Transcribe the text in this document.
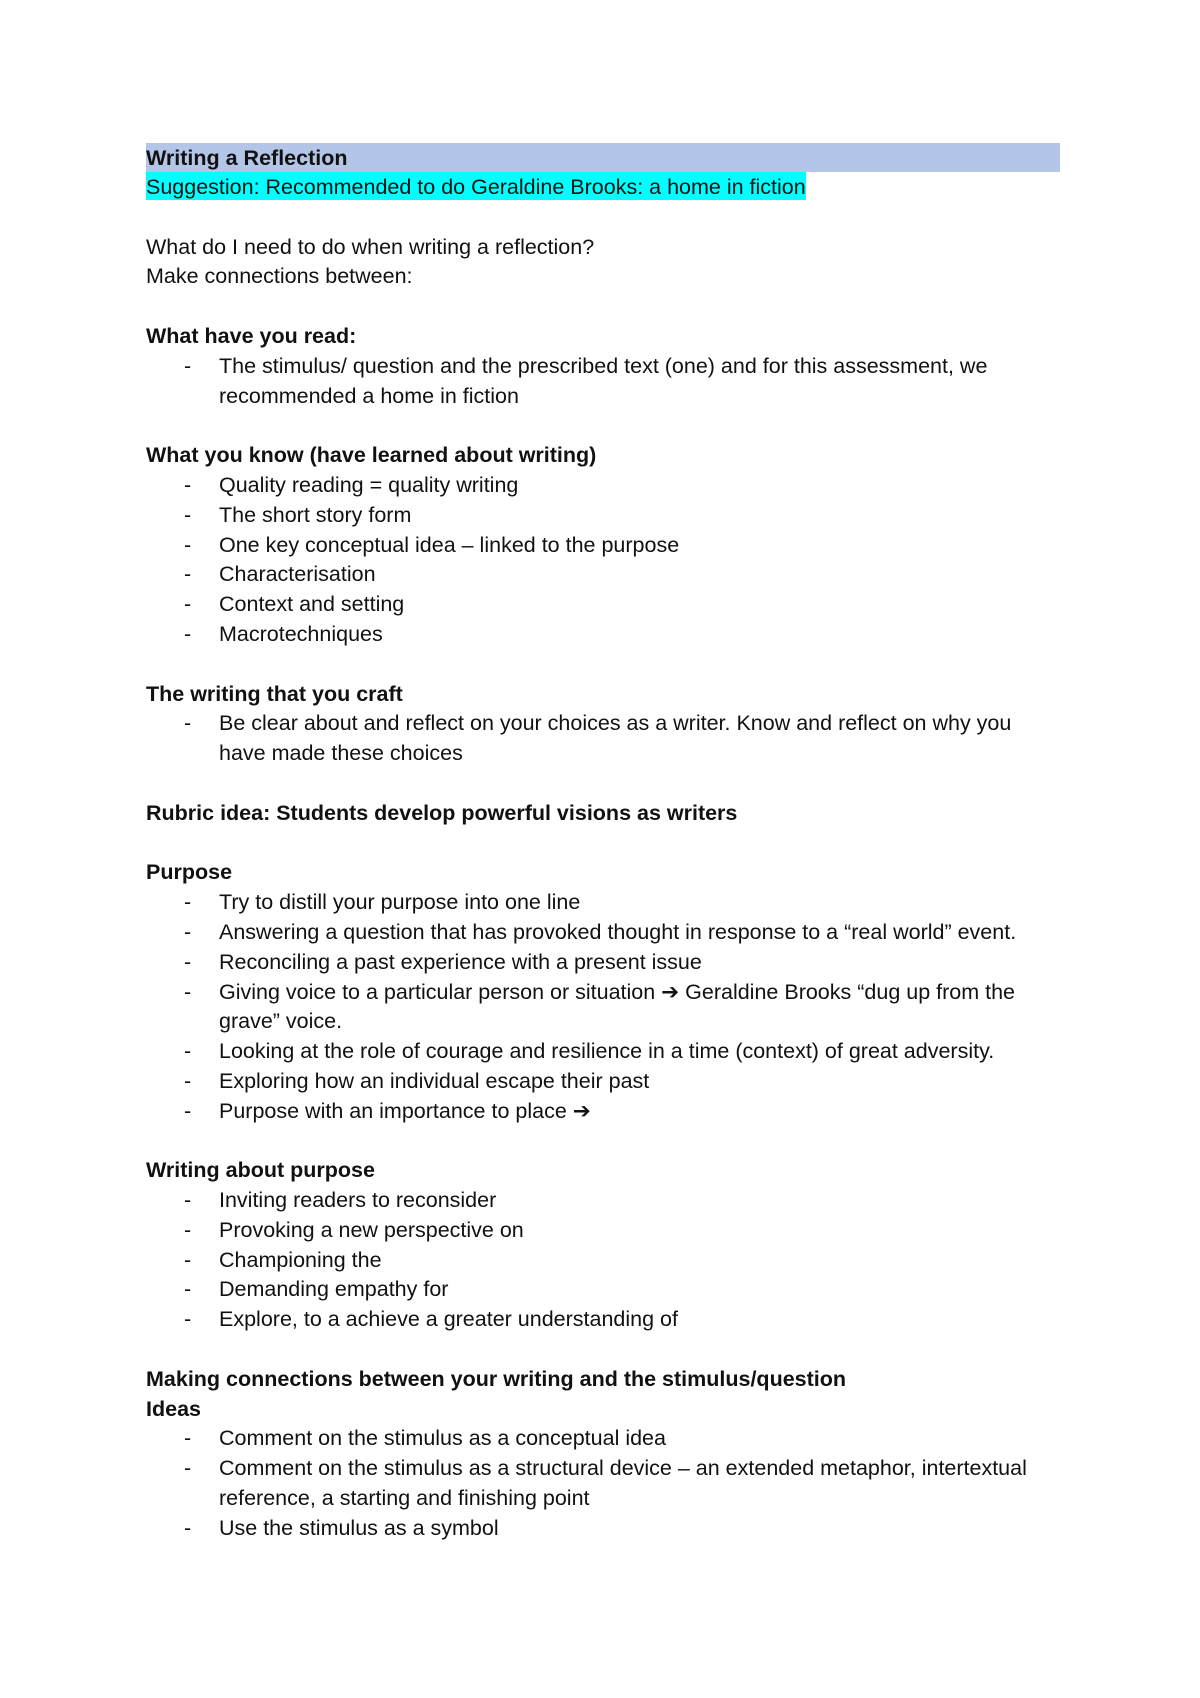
Writing a Reflection
Suggestion: Recommended to do Geraldine Brooks: a home in fiction
What do I need to do when writing a reflection?
Make connections between:
What have you read:
- The stimulus/ question and the prescribed text (one) and for this assessment, we recommended a home in fiction
What you know (have learned about writing)
- Quality reading = quality writing
- The short story form
- One key conceptual idea – linked to the purpose
- Characterisation
- Context and setting
- Macrotechniques
The writing that you craft
- Be clear about and reflect on your choices as a writer. Know and reflect on why you have made these choices
Rubric idea: Students develop powerful visions as writers
Purpose
- Try to distill your purpose into one line
- Answering a question that has provoked thought in response to a “real world” event.
- Reconciling a past experience with a present issue
- Giving voice to a particular person or situation ➔ Geraldine Brooks “dug up from the grave” voice.
- Looking at the role of courage and resilience in a time (context) of great adversity.
- Exploring how an individual escape their past
- Purpose with an importance to place ➔
Writing about purpose
- Inviting readers to reconsider
- Provoking a new perspective on
- Championing the
- Demanding empathy for
- Explore, to a achieve a greater understanding of
Making connections between your writing and the stimulus/question
Ideas
- Comment on the stimulus as a conceptual idea
- Comment on the stimulus as a structural device – an extended metaphor, intertextual reference, a starting and finishing point
- Use the stimulus as a symbol
